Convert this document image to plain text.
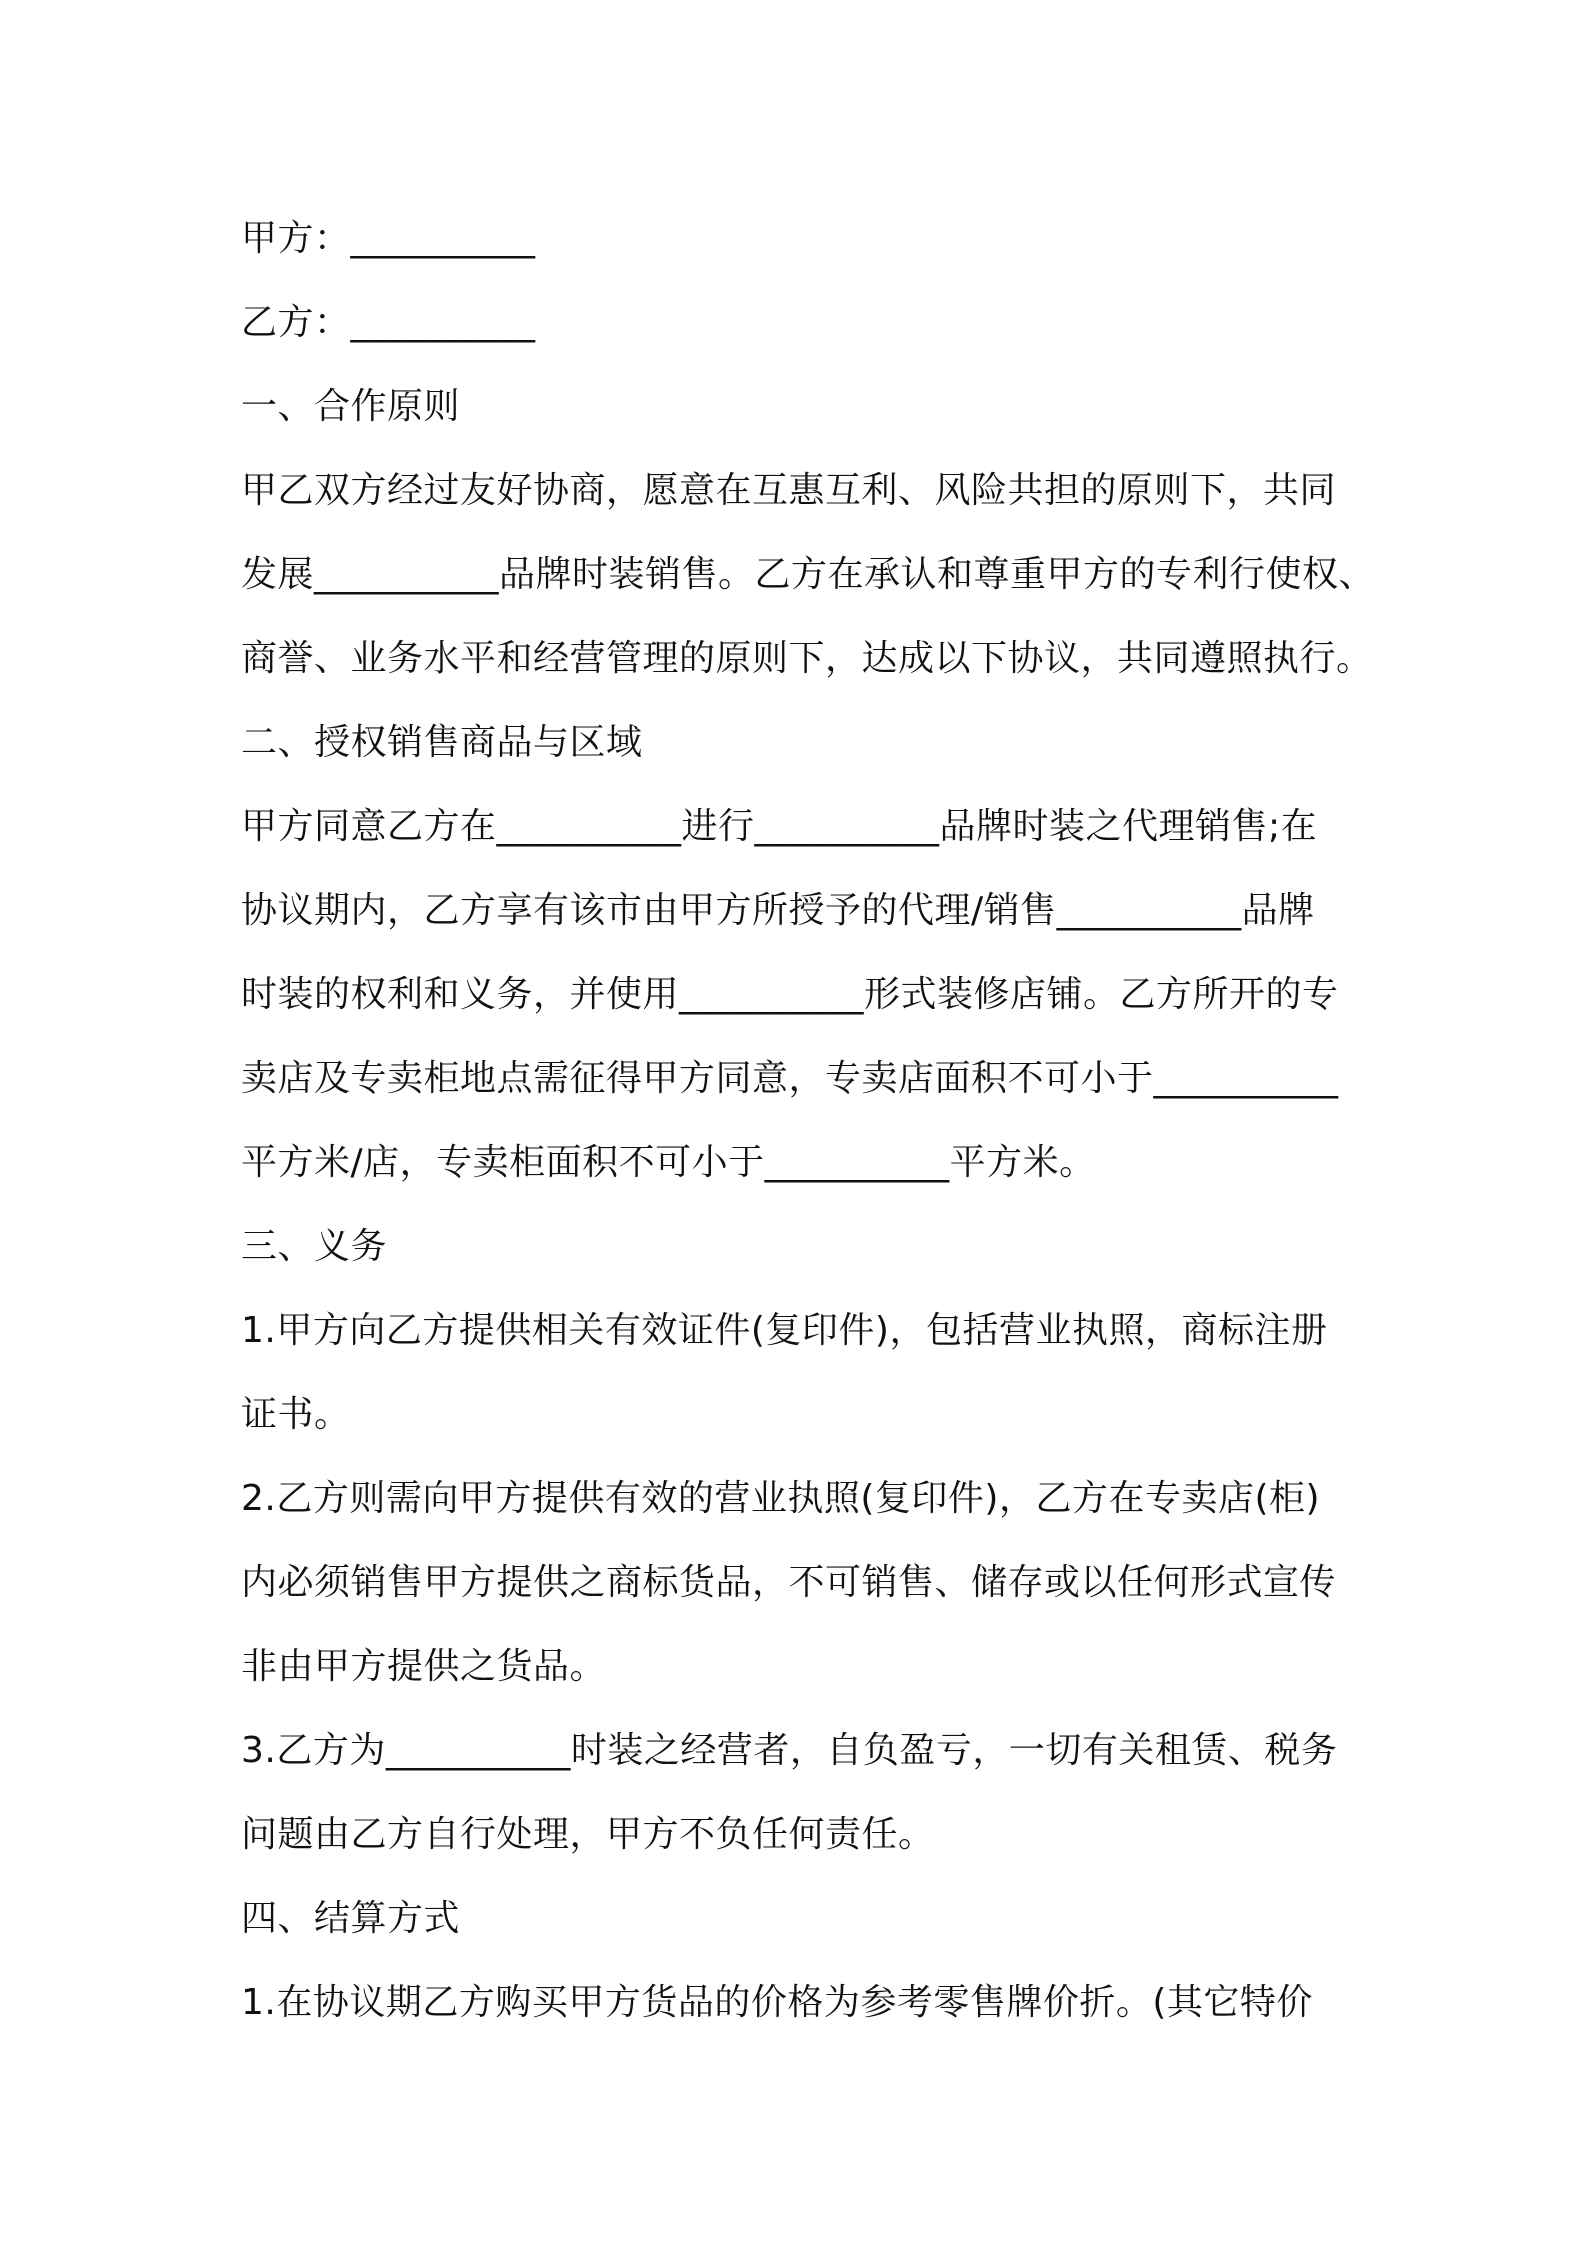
甲方：__________
乙方：__________
一、合作原则
甲乙双方经过友好协商，愿意在互惠互利、风险共担的原则下，共同
发展__________品牌时装销售。乙方在承认和尊重甲方的专利行使权、
商誉、业务水平和经营管理的原则下，达成以下协议，共同遵照执行。
二、授权销售商品与区域
甲方同意乙方在__________进行__________品牌时装之代理销售;在
协议期内，乙方享有该市由甲方所授予的代理/销售__________品牌
时装的权利和义务，并使用__________形式装修店铺。乙方所开的专
卖店及专卖柜地点需征得甲方同意，专卖店面积不可小于__________
平方米/店，专卖柜面积不可小于__________平方米。
三、义务
1.甲方向乙方提供相关有效证件(复印件)，包括营业执照，商标注册
证书。
2.乙方则需向甲方提供有效的营业执照(复印件)，乙方在专卖店(柜)
内必须销售甲方提供之商标货品，不可销售、储存或以任何形式宣传
非由甲方提供之货品。
3.乙方为__________时装之经营者，自负盈亏，一切有关租赁、税务
问题由乙方自行处理，甲方不负任何责任。
四、结算方式
1.在协议期乙方购买甲方货品的价格为参考零售牌价折。(其它特价
